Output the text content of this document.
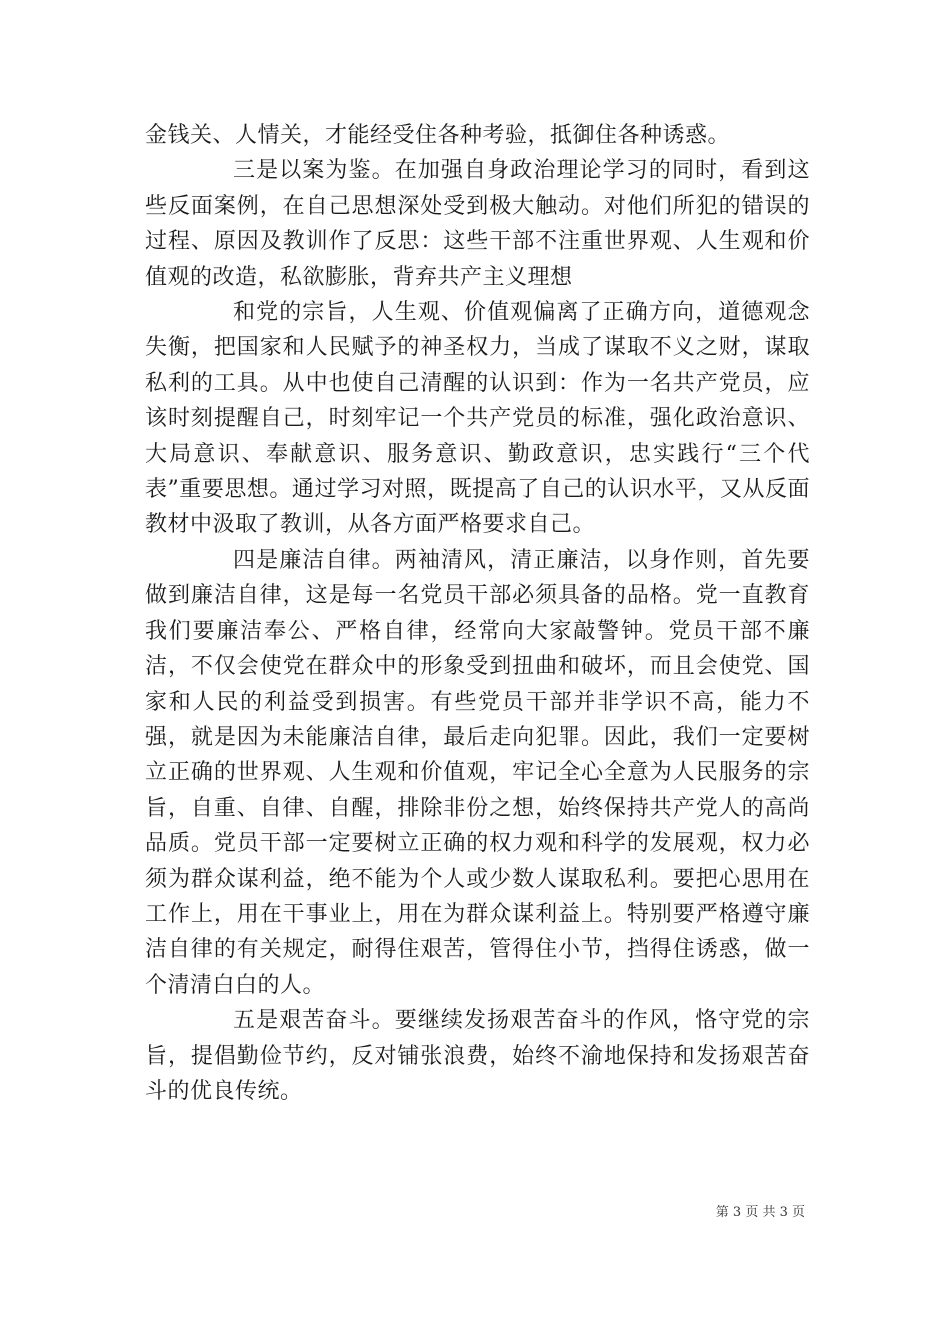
金钱关、人情关，才能经受住各种考验，抵御住各种诱惑。

三是以案为鉴。在加强自身政治理论学习的同时，看到这些反面案例，在自己思想深处受到极大触动。对他们所犯的错误的过程、原因及教训作了反思：这些干部不注重世界观、人生观和价值观的改造，私欲膨胀，背弃共产主义理想

和党的宗旨，人生观、价值观偏离了正确方向，道德观念失衡，把国家和人民赋予的神圣权力，当成了谋取不义之财，谋取私利的工具。从中也使自己清醒的认识到：作为一名共产党员，应该时刻提醒自己，时刻牢记一个共产党员的标准，强化政治意识、大局意识、奉献意识、服务意识、勤政意识，忠实践行“三个代表”重要思想。通过学习对照，既提高了自己的认识水平，又从反面教材中汲取了教训，从各方面严格要求自己。

四是廉洁自律。两袖清风，清正廉洁，以身作则，首先要做到廉洁自律，这是每一名党员干部必须具备的品格。党一直教育我们要廉洁奉公、严格自律，经常向大家敲警钟。党员干部不廉洁，不仅会使党在群众中的形象受到扭曲和破坏，而且会使党、国家和人民的利益受到损害。有些党员干部并非学识不高，能力不强，就是因为未能廉洁自律，最后走向犯罪。因此，我们一定要树立正确的世界观、人生观和价值观，牢记全心全意为人民服务的宗旨，自重、自律、自醒，排除非份之想，始终保持共产党人的高尚品质。党员干部一定要树立正确的权力观和科学的发展观，权力必须为群众谋利益，绝不能为个人或少数人谋取私利。要把心思用在工作上，用在干事业上，用在为群众谋利益上。特别要严格遵守廉洁自律的有关规定，耐得住艰苦，管得住小节，挡得住诱惑，做一个清清白白的人。

五是艰苦奋斗。要继续发扬艰苦奋斗的作风，恪守党的宗旨，提倡勤俭节约，反对铺张浪费，始终不渝地保持和发扬艰苦奋斗的优良传统。

第 3 页 共 3 页
